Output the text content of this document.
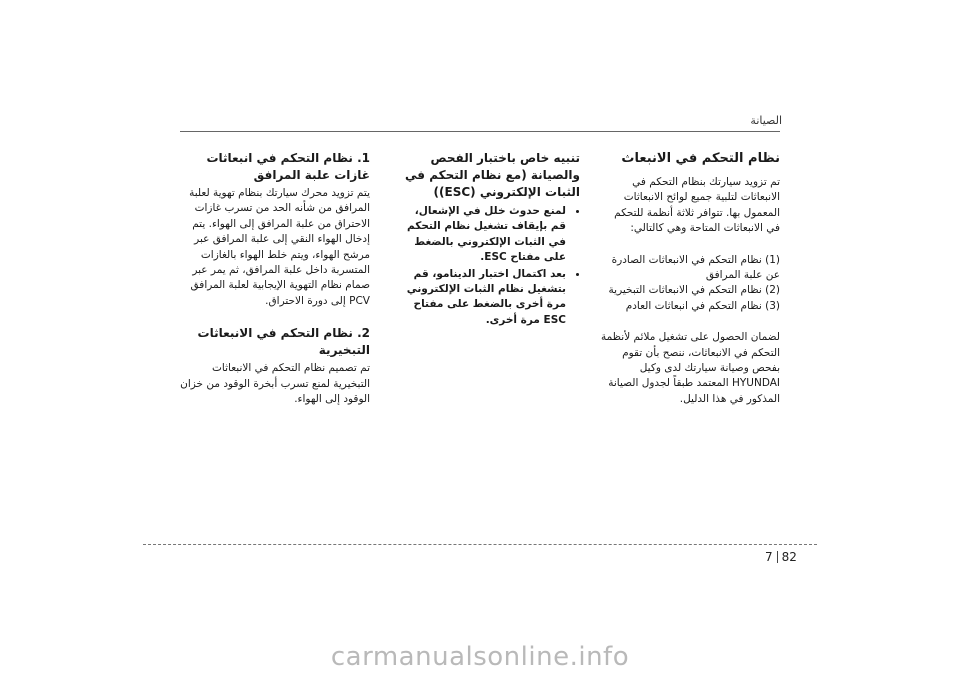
الصيانة
نظام التحكم في الانبعاث
تم تزويد سيارتك بنظام التحكم في الانبعاثات لتلبية جميع لوائح الانبعاثات المعمول بها. تتوافر ثلاثة أنظمة للتحكم في الانبعاثات المتاحة وهي كالتالي:
(1) نظام التحكم في الانبعاثات الصادرة عن علبة المرافق
(2) نظام التحكم في الانبعاثات التبخيرية
(3) نظام التحكم في انبعاثات العادم
لضمان الحصول على تشغيل ملائم لأنظمة التحكم في الانبعاثات، ننصح بأن تقوم بفحص وصيانة سيارتك لدى وكيل HYUNDAI المعتمد طبقاً لجدول الصيانة المذكور في هذا الدليل.
تنبيه خاص باختبار الفحص والصيانة (مع نظام التحكم في الثبات الإلكتروني (ESC))
• لمنع حدوث خلل في الإشعال، قم بإيقاف تشغيل نظام التحكم في الثبات الإلكتروني بالضغط على مفتاح ESC.
• بعد اكتمال اختبار الدينامو، قم بتشغيل نظام الثبات الإلكتروني مرة أخرى بالضغط على مفتاح ESC مرة أخرى.
1. نظام التحكم في انبعاثات غازات علبة المرافق
يتم تزويد محرك سيارتك بنظام تهوية لعلبة المرافق من شأنه الحد من تسرب غازات الاحتراق من علبة المرافق إلى الهواء. يتم إدخال الهواء النقي إلى علبة المرافق عبر مرشح الهواء، ويتم خلط الهواء بالغازات المتسربة داخل علبة المرافق، ثم يمر عبر صمام نظام التهوية الإيجابية لعلبة المرافق PCV إلى دورة الاحتراق.
2. نظام التحكم في الانبعاثات التبخيرية
تم تصميم نظام التحكم في الانبعاثات التبخيرية لمنع تسرب أبخرة الوقود من خزان الوقود إلى الهواء.
7 82
carmanualsonline.info
